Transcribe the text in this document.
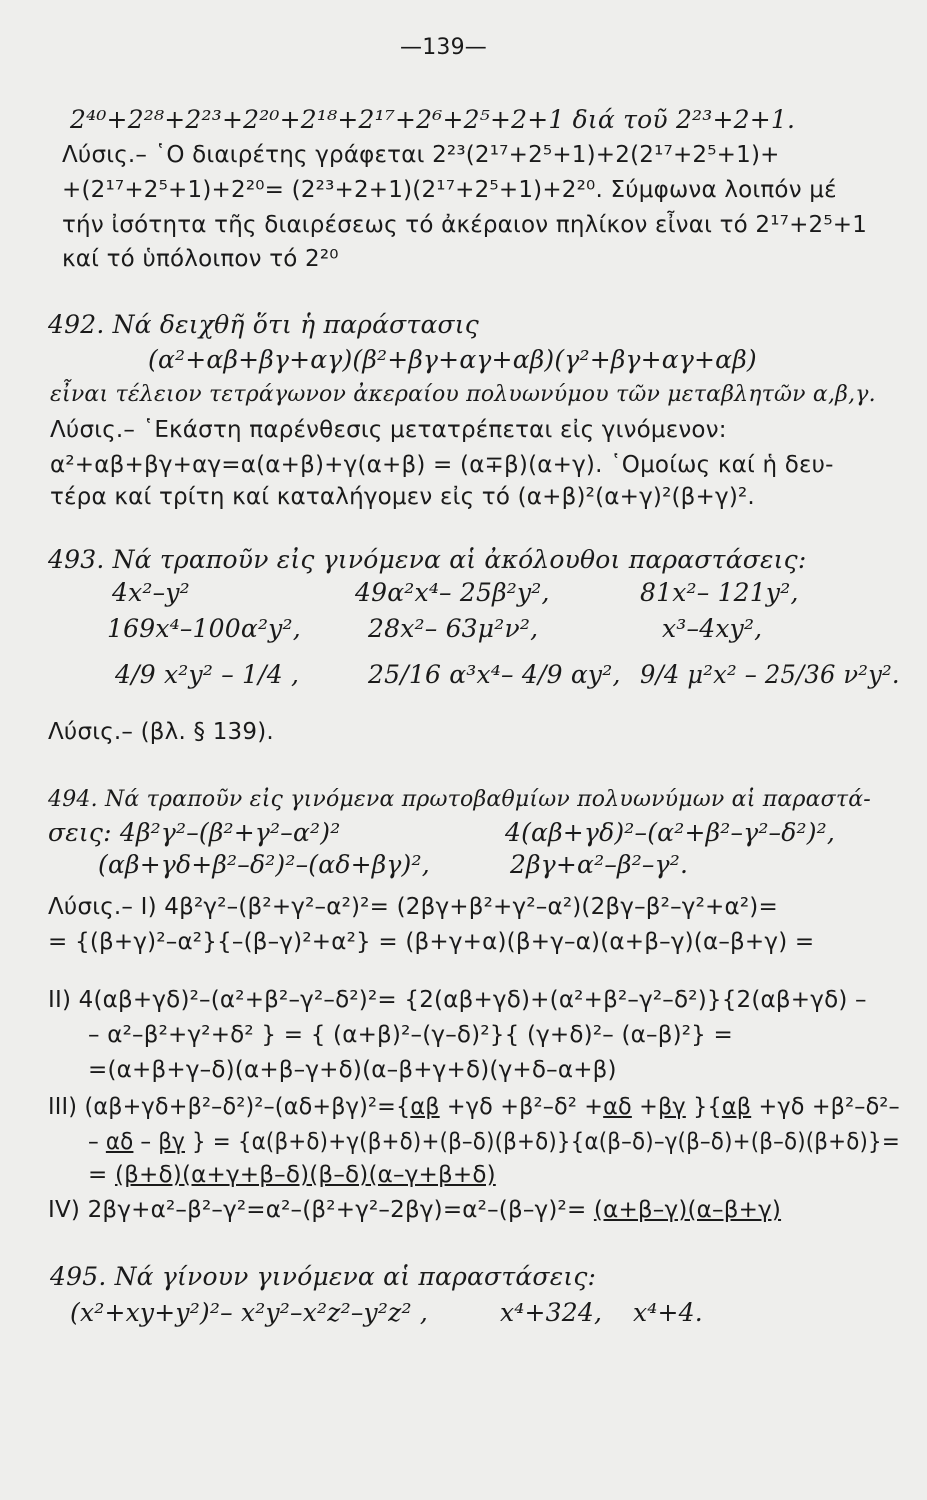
—139—
2⁴⁰+2²⁸+2²³+2²⁰+2¹⁸+2¹⁷+2⁶+2⁵+2+1 διά τοῦ 2²³+2+1.
Λύσις.– ῾Ο διαιρέτης γράφεται 2²³(2¹⁷+2⁵+1)+2(2¹⁷+2⁵+1)+
+(2¹⁷+2⁵+1)+2²⁰= (2²³+2+1)(2¹⁷+2⁵+1)+2²⁰. Σύμφωνα λοιπόν μέ
τήν ἰσότητα τῆς διαιρέσεως τό ἀκέραιον πηλίκον εἶναι τό 2¹⁷+2⁵+1
καί τό ὑπόλοιπον τό 2²⁰
492. Νά δειχθῆ ὅτι ἡ παράστασις
(α²+αβ+βγ+αγ)(β²+βγ+αγ+αβ)(γ²+βγ+αγ+αβ)
εἶναι τέλειον τετράγωνον ἀκεραίου πολυωνύμου τῶν μεταβλητῶν α,β,γ.
Λύσις.– ῾Εκάστη παρένθεσις μετατρέπεται εἰς γινόμενον:
α²+αβ+βγ+αγ=α(α+β)+γ(α+β) = (α∓β)(α+γ). ῾Ομοίως καί ἡ δευ-
τέρα καί τρίτη καί καταλήγομεν εἰς τό (α+β)²(α+γ)²(β+γ)².
493. Νά τραποῦν εἰς γινόμενα αἱ ἀκόλουθοι παραστάσεις:
4x²–y²	49α²x⁴– 25β²y²,	81x²– 121y²,
169x⁴–100α²y²,	28x²– 63μ²ν²,	x³–4xy²,
4/9 x²y² – 1/4 ,	25/16 α³x⁴– 4/9 αy², 9/4 μ²x² – 25/36 ν²y².
Λύσις.– (βλ. § 139).
494. Νά τραποῦν εἰς γινόμενα πρωτοβαθμίων πολυωνύμων αἱ παραστά-
σεις: 4β²γ²–(β²+γ²–α²)²	4(αβ+γδ)²–(α²+β²–γ²–δ²)²,
(αβ+γδ+β²–δ²)²–(αδ+βγ)²,	2βγ+α²–β²–γ².
Λύσις.– I) 4β²γ²–(β²+γ²–α²)²= (2βγ+β²+γ²–α²)(2βγ–β²–γ²+α²)=
= {(β+γ)²–α²}{–(β–γ)²+α²} = (β+γ+α)(β+γ–α)(α+β–γ)(α–β+γ) =
II) 4(αβ+γδ)²–(α²+β²–γ²–δ²)²= {2(αβ+γδ)+(α²+β²–γ²–δ²)}{2(αβ+γδ) –
– α²–β²+γ²+δ² } = { (α+β)²–(γ–δ)²}{ (γ+δ)²– (α–β)²} =
=(α+β+γ–δ)(α+β–γ+δ)(α–β+γ+δ)(γ+δ–α+β)
III) (αβ+γδ+β²–δ²)²–(αδ+βγ)²={αβ +γδ +β²–δ² +αδ +βγ }{αβ +γδ +β²–δ²–
– αδ – βγ } = {α(β+δ)+γ(β+δ)+(β–δ)(β+δ)}{α(β–δ)–γ(β–δ)+(β–δ)(β+δ)}=
= (β+δ)(α+γ+β–δ)(β–δ)(α–γ+β+δ)
IV) 2βγ+α²–β²–γ²=α²–(β²+γ²–2βγ)=α²–(β–γ)²= (α+β–γ)(α–β+γ)
495. Νά γίνουν γινόμενα αἱ παραστάσεις:
(x²+xy+y²)²– x²y²–x²z²–y²z² ,	x⁴+324, x⁴+4.
